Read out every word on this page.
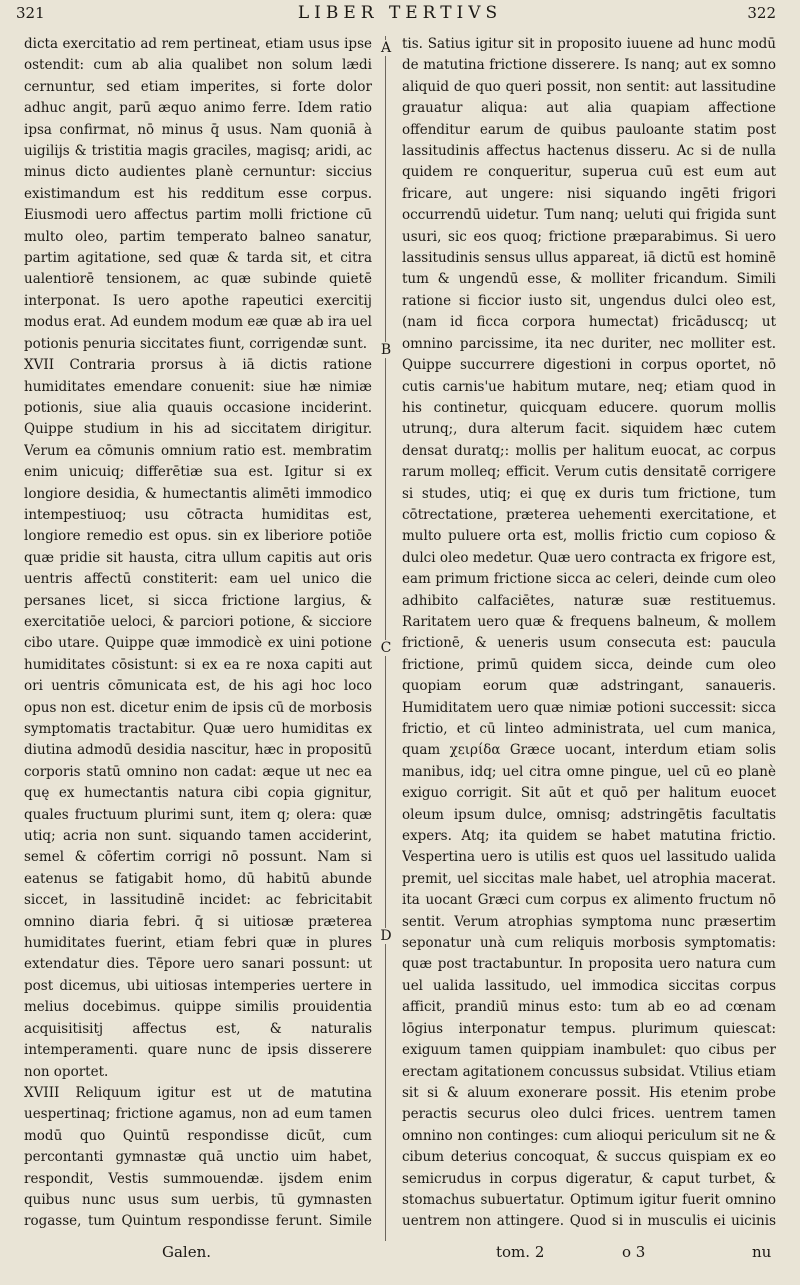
321	LIBER TERTIVS	322

dicta exercitatio ad rem pertineat, etiam usus ipse ostendit: cum ab alia qualibet non solum lædi cernuntur, sed etiam imperites, si forte dolor adhuc angit, parū æquo animo ferre. Idem ratio ipsa confirmat, nō minus q̄ usus. Nam quoniā à uigilijs & tristitia magis graciles, magisq; aridi, ac minus dicto audientes planè cernuntur: siccius existimandum est his redditum esse corpus. Eiusmodi uero affectus partim molli frictione cū multo oleo, partim temperato balneo sanatur, partim agitatione, sed quæ & tarda sit, et citra ualentiorē tensionem, ac quæ subinde quietē interponat. Is uero apothe rapeutici exercitij modus erat. Ad eundem modum eæ quæ ab ira uel potionis penuria siccitates fiunt, corrigendæ sunt.

XVII Contraria prorsus à iā dictis ratione humiditates emendare conuenit: siue hæ nimiæ potionis, siue alia quauis occasione inciderint. Quippe studium in his ad siccitatem dirigitur. Verum ea cōmunis omnium ratio est. membratim enim unicuiq; differētiæ sua est. Igitur si ex longiore desidia, & humectantis alimēti immodico intempestiuoq; usu cōtracta humiditas est, longiore remedio est opus. sin ex liberiore potiōe quæ pridie sit hausta, citra ullum capitis aut oris uentris affectū constiterit: eam uel unico die persanes licet, si sicca frictione largius, & exercitatiōe ueloci, & parciori potione, & sicciore cibo utare. Quippe quæ immodicè ex uini potione humiditates cōsistunt: si ex ea re noxa capiti aut ori uentris cōmunicata est, de his agi hoc loco opus non est. dicetur enim de ipsis cū de morbosis symptomatis tractabitur. Quæ uero humiditas ex diutina admodū desidia nascitur, hæc in propositū corporis statū omnino non cadat: æque ut nec ea quę ex humectantis natura cibi copia gignitur, quales fructuum plurimi sunt, item q; olera: quæ utiq; acria non sunt. siquando tamen acciderint, semel & cōfertim corrigi nō possunt. Nam si eatenus se fatigabit homo, dū habitū abunde siccet, in lassitudinē incidet: ac febricitabit omnino diaria febri. q̄ si uitiosæ præterea humiditates fuerint, etiam febri quæ in plures extendatur dies. Tēpore uero sanari possunt: ut post dicemus, ubi uitiosas intemperies uertere in melius docebimus. quippe similis prouidentia acquisitisitj affectus est, & naturalis intemperamenti. quare nunc de ipsis disserere non oportet.

XVIII Reliquum igitur est ut de matutina uespertinaq; frictione agamus, non ad eum tamen modū quo Quintū respondisse dicūt, cum percontanti gymnastæ quā unctio uim habet, respondit, Vestis summouendæ. ijsdem enim quibus nunc usus sum uerbis, tū gymnasten rogasse, tum Quintum respondisse ferunt. Simile

A
B
C
D

tis. Satius igitur sit in proposito iuuene ad hunc modū de matutina frictione disserere. Is nanq; aut ex somno aliquid de quo queri possit, non sentit: aut lassitudine grauatur aliqua: aut alia quapiam affectione offenditur earum de quibus pauloante statim post lassitudinis affectus hactenus disseru. Ac si de nulla quidem re conqueritur, superua cuū est eum aut fricare, aut ungere: nisi siquando ingēti frigori occurrendū uidetur. Tum nanq; ueluti qui frigida sunt usuri, sic eos quoq; frictione præparabimus. Si uero lassitudinis sensus ullus appareat, iā dictū est hominē tum & ungendū esse, & molliter fricandum. Simili ratione si ficcior iusto sit, ungendus dulci oleo est, (nam id ficca corpora humectat) fricāduscq; ut omnino parcissime, ita nec duriter, nec molliter est. Quippe succurrere digestioni in corpus oportet, nō cutis carnis'ue habitum mutare, neq; etiam quod in his continetur, quicquam educere. quorum mollis utrunq;, dura alterum facit. siquidem hæc cutem densat duratq;: mollis per halitum euocat, ac corpus rarum molleq; efficit. Verum cutis densitatē corrigere si studes, utiq; ei quę ex duris tum frictione, tum cōtrectatione, præterea uehementi exercitatione, et multo puluere orta est, mollis frictio cum copioso & dulci oleo medetur. Quæ uero contracta ex frigore est, eam primum frictione sicca ac celeri, deinde cum oleo adhibito calfaciētes, naturæ suæ restituemus. Raritatem uero quæ & frequens balneum, & mollem frictionē, & ueneris usum consecuta est: paucula frictione, primū quidem sicca, deinde cum oleo quopiam eorum quæ adstringant, sanaueris. Humiditatem uero quæ nimiæ potioni successit: sicca frictio, et cū linteo administrata, uel cum manica, quam χειρίδα Græce uocant, interdum etiam solis manibus, idq; uel citra omne pingue, uel cū eo planè exiguo corrigit. Sit aūt et quō per halitum euocet oleum ipsum dulce, omnisq; adstringētis facultatis expers. Atq; ita quidem se habet matutina frictio. Vespertina uero is utilis est quos uel lassitudo ualida premit, uel siccitas male habet, uel atrophia macerat. ita uocant Græci cum corpus ex alimento fructum nō sentit. Verum atrophias symptoma nunc præsertim seponatur unà cum reliquis morbosis symptomatis: quæ post tractabuntur. In proposita uero natura cum uel ualida lassitudo, uel immodica siccitas corpus afficit, prandiū minus esto: tum ab eo ad cœnam lōgius interponatur tempus. plurimum quiescat: exiguum tamen quippiam inambulet: quo cibus per erectam agitationem concussus subsidat. Vtilius etiam sit si & aluum exonerare possit. His etenim probe peractis securus oleo dulci frices. uentrem tamen omnino non continges: cum alioqui periculum sit ne & cibum deterius concoquat, & succus quispiam ex eo semicrudus in corpus digeratur, & caput turbet, & stomachus subuertatur. Optimum igitur fuerit omnino uentrem non attingere. Quod si in musculis ei uicinis

Galen.	tom. 2	o 3	nu
